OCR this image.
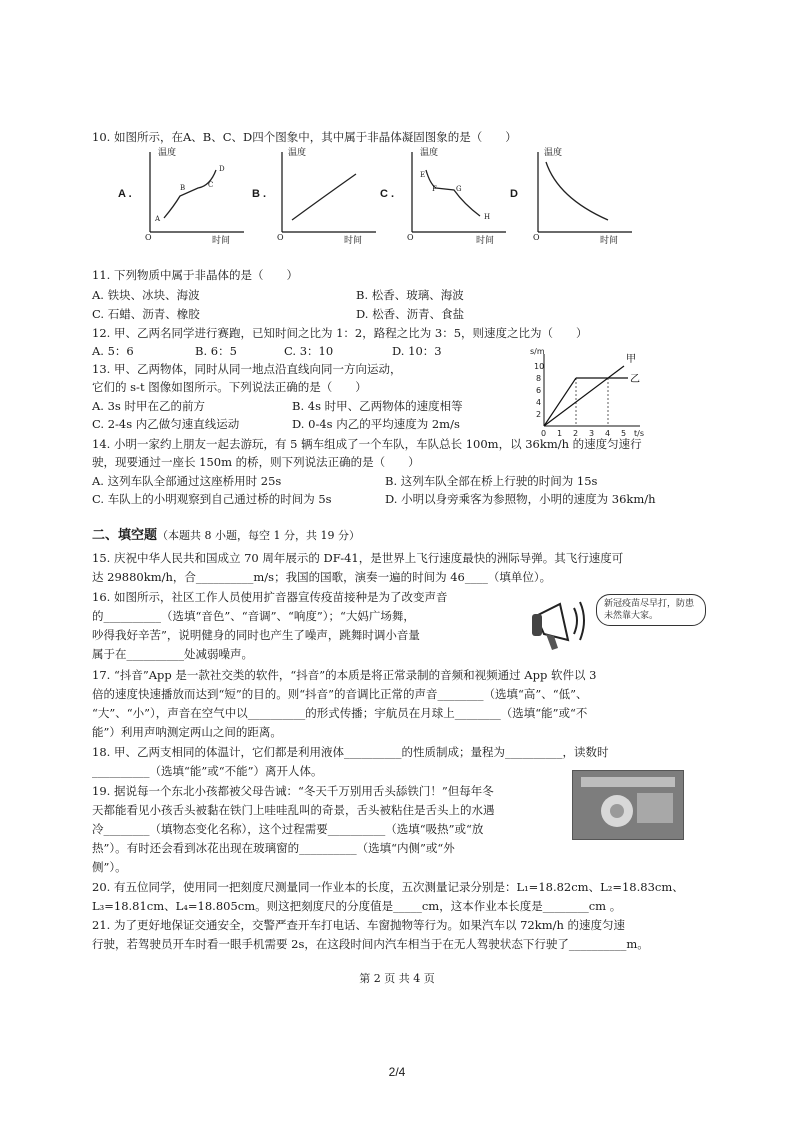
10. 如图所示，在A、B、C、D四个图象中，其中属于非晶体凝固图象的是（　　）
A .
温度
时间
O
A
B	C
D
B .
温度
时间
O
C .
温度
时间
O
E
F	G
H
D
温度
时间
O
11. 下列物质中属于非晶体的是（　　）
A. 铁块、冰块、海波	B. 松香、玻璃、海波
C. 石蜡、沥青、橡胶	D. 松香、沥青、食盐
12. 甲、乙两名同学进行赛跑，已知时间之比为 1：2，路程之比为 3：5，则速度之比为（　　）
A. 5：6	B. 6：5	C. 3：10	D. 10：3
13. 甲、乙两物体，同时从同一地点沿直线向同一方向运动，
它们的 s-t 图像如图所示。下列说法正确的是（　　）
A. 3s 时甲在乙的前方	B. 4s 时甲、乙两物体的速度相等
C. 2-4s 内乙做匀速直线运动	D. 0-4s 内乙的平均速度为 2m/s
s/m
t/s
10
8
6
4
2
0 1 2 3 4 5
甲
乙
14. 小明一家约上朋友一起去游玩，有 5 辆车组成了一个车队，车队总长 100m，以 36km/h 的速度匀速行
驶，现要通过一座长 150m 的桥，则下列说法正确的是（　　）
A. 这列车队全部通过这座桥用时 25s	B. 这列车队全部在桥上行驶的时间为 15s
C. 车队上的小明观察到自己通过桥的时间为 5s	D. 小明以身旁乘客为参照物，小明的速度为 36km/h
二、填空题（本题共 8 小题，每空 1 分，共 19 分）
15. 庆祝中华人民共和国成立 70 周年展示的 DF-41，是世界上飞行速度最快的洲际导弹。其飞行速度可
达 29880km/h，合__________m/s；我国的国歌，演奏一遍的时间为 46____（填单位）。
16. 如图所示，社区工作人员使用扩音器宣传疫苗接种是为了改变声音
的__________（选填“音色”、“音调”、“响度”）；“大妈广场舞，
吵得我好辛苦”，说明健身的同时也产生了噪声，跳舞时调小音量
属于在__________处减弱噪声。
新冠疫苗尽早打，防患未然靠大家。
17. “抖音”App 是一款社交类的软件，“抖音”的本质是将正常录制的音频和视频通过 App 软件以 3
倍的速度快速播放而达到“短”的目的。则“抖音”的音调比正常的声音________（选填“高”、“低”、
“大”、“小”），声音在空气中以__________的形式传播；宇航员在月球上________（选填“能”或“不
能”）利用声呐测定两山之间的距离。
18. 甲、乙两支相同的体温计，它们都是利用液体__________的性质制成；量程为__________，读数时
__________（选填“能”或“不能”）离开人体。
19. 据说每一个东北小孩都被父母告诫：“冬天千万别用舌头舔铁门！”但每年冬
天都能看见小孩舌头被黏在铁门上哇哇乱叫的奇景，舌头被粘住是舌头上的水遇
冷________（填物态变化名称），这个过程需要__________（选填“吸热”或“放
热”）。有时还会看到冰花出现在玻璃窗的__________（选填“内侧”或“外
侧”）。
20. 有五位同学，使用同一把刻度尺测量同一作业本的长度，五次测量记录分别是：L₁=18.82cm、L₂=18.83cm、
L₃=18.81cm、L₄=18.805cm。则这把刻度尺的分度值是_____cm，这本作业本长度是________cm 。
21. 为了更好地保证交通安全，交警严查开车打电话、车窗抛物等行为。如果汽车以 72km/h 的速度匀速
行驶，若驾驶员开车时看一眼手机需要 2s，在这段时间内汽车相当于在无人驾驶状态下行驶了__________m。
第 2 页 共 4 页
2/4
